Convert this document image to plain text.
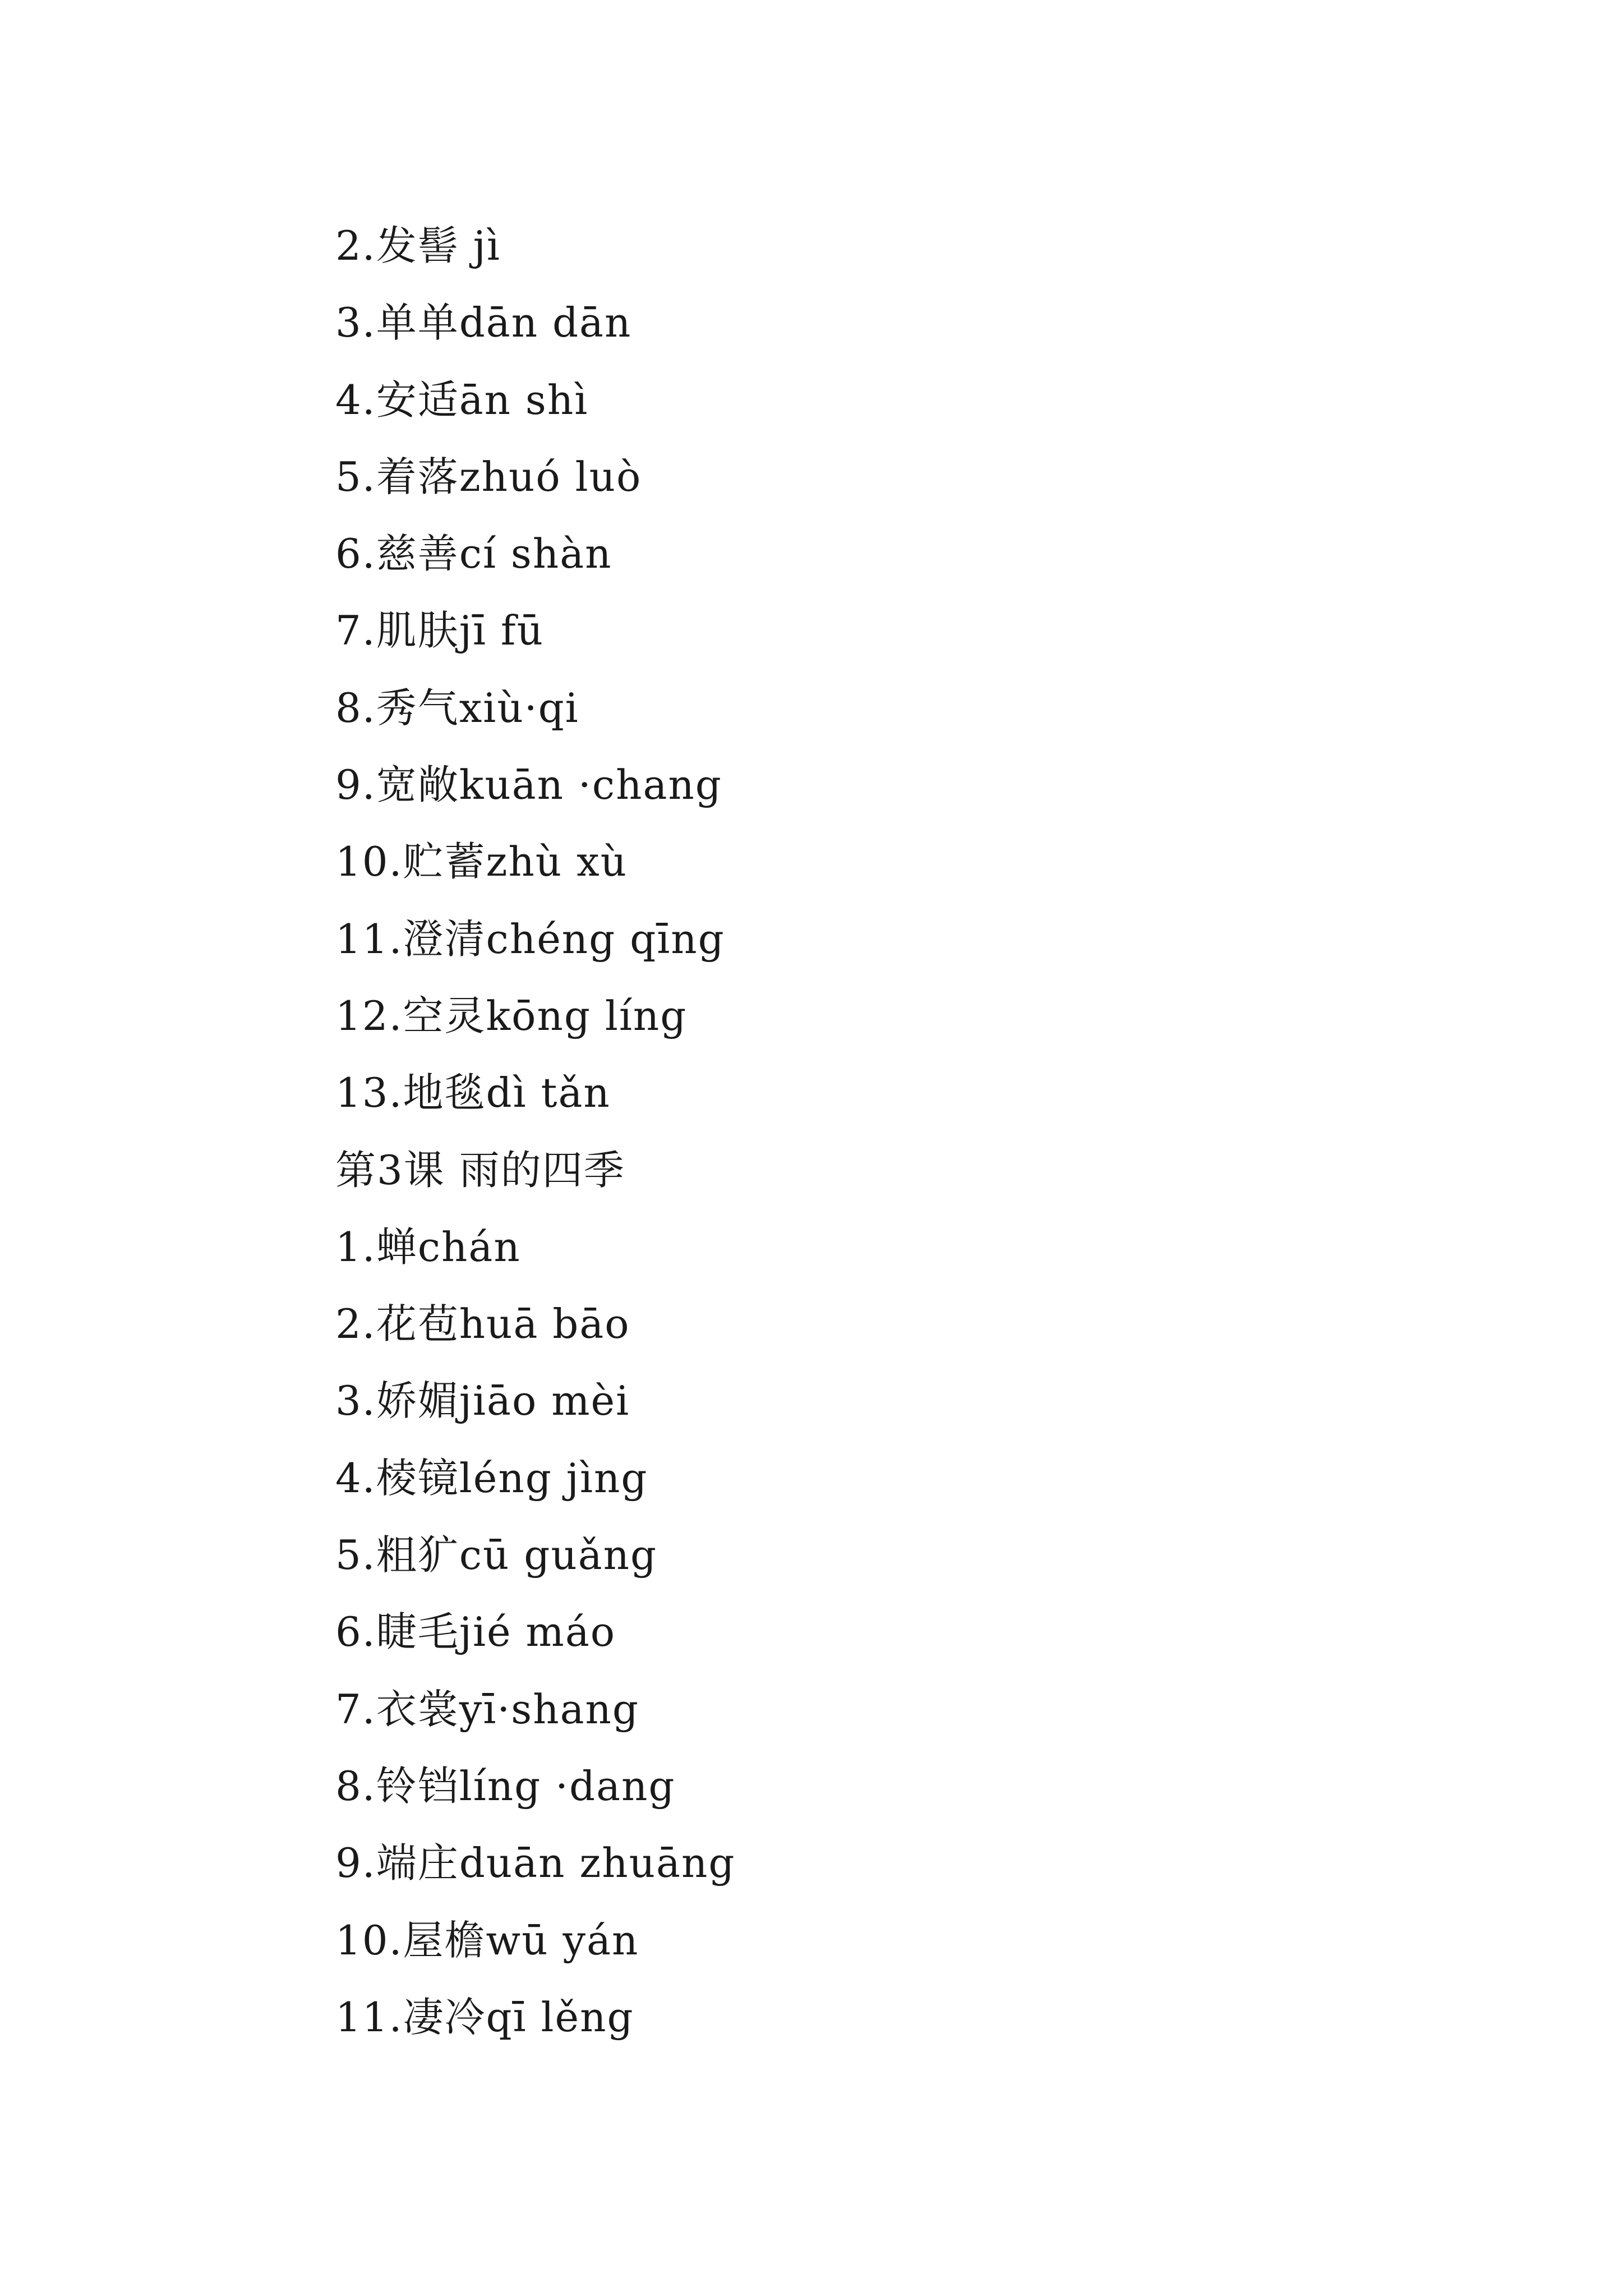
2.发髻 jì
3.单单dān dān
4.安适ān shì
5.着落zhuó luò
6.慈善cí shàn
7.肌肤jī fū
8.秀气xiù·qi
9.宽敞kuān ·chang
10.贮蓄zhù xù
11.澄清chéng qīng
12.空灵kōng líng
13.地毯dì tǎn
第3课 雨的四季
1.蝉chán
2.花苞huā bāo
3.娇媚jiāo mèi
4.棱镜léng jìng
5.粗犷cū guǎng
6.睫毛jié máo
7.衣裳yī·shang
8.铃铛líng ·dang
9.端庄duān zhuāng
10.屋檐wū yán
11.凄冷qī lěng
